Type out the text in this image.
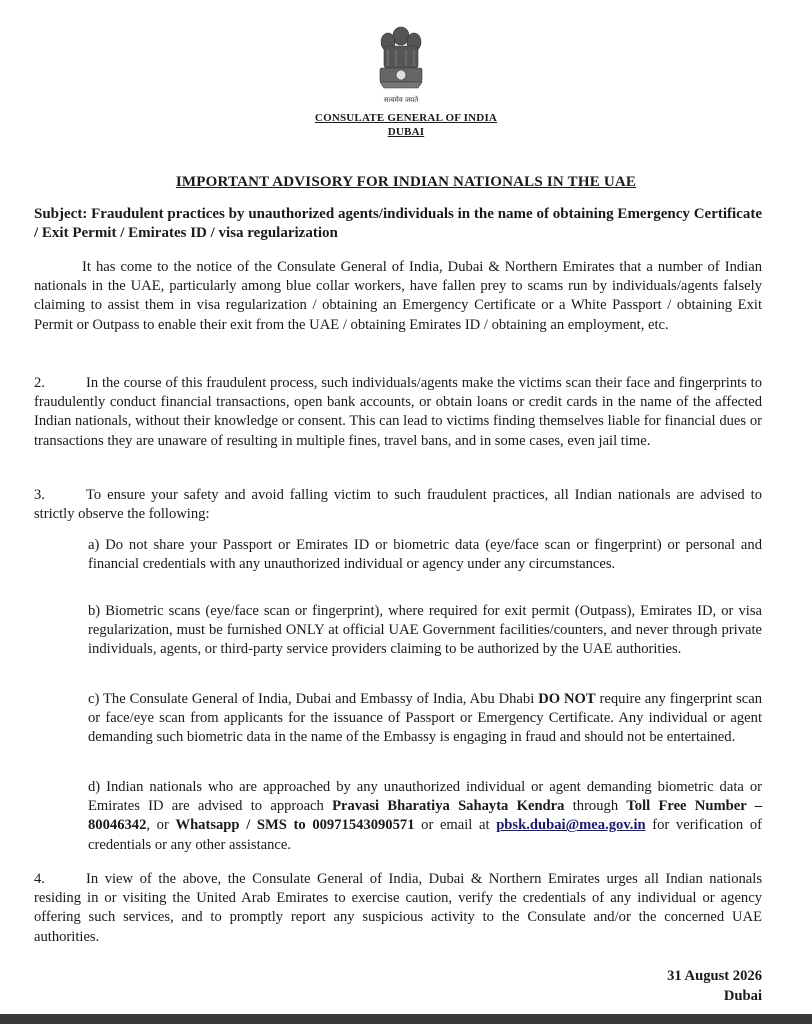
सत्यमेव जयते
CONSULATE GENERAL OF INDIA
DUBAI
IMPORTANT ADVISORY FOR INDIAN NATIONALS IN THE UAE
Subject: Fraudulent practices by unauthorized agents/individuals in the name of obtaining Emergency Certificate / Exit Permit / Emirates ID / visa regularization
It has come to the notice of the Consulate General of India, Dubai & Northern Emirates that a number of Indian nationals in the UAE, particularly among blue collar workers, have fallen prey to scams run by individuals/agents falsely claiming to assist them in visa regularization / obtaining an Emergency Certificate or a White Passport / obtaining Exit Permit or Outpass to enable their exit from the UAE / obtaining Emirates ID / obtaining an employment, etc.
2.	In the course of this fraudulent process, such individuals/agents make the victims scan their face and fingerprints to fraudulently conduct financial transactions, open bank accounts, or obtain loans or credit cards in the name of the affected Indian nationals, without their knowledge or consent. This can lead to victims finding themselves liable for financial dues or transactions they are unaware of resulting in multiple fines, travel bans, and in some cases, even jail time.
3.	To ensure your safety and avoid falling victim to such fraudulent practices, all Indian nationals are advised to strictly observe the following:
a) Do not share your Passport or Emirates ID or biometric data (eye/face scan or fingerprint) or personal and financial credentials with any unauthorized individual or agency under any circumstances.
b) Biometric scans (eye/face scan or fingerprint), where required for exit permit (Outpass), Emirates ID, or visa regularization, must be furnished ONLY at official UAE Government facilities/counters, and never through private individuals, agents, or third-party service providers claiming to be authorized by the UAE authorities.
c) The Consulate General of India, Dubai and Embassy of India, Abu Dhabi DO NOT require any fingerprint scan or face/eye scan from applicants for the issuance of Passport or Emergency Certificate. Any individual or agent demanding such biometric data in the name of the Embassy is engaging in fraud and should not be entertained.
d) Indian nationals who are approached by any unauthorized individual or agent demanding biometric data or Emirates ID are advised to approach Pravasi Bharatiya Sahayta Kendra through Toll Free Number – 80046342, or Whatsapp / SMS to 00971543090571 or email at pbsk.dubai@mea.gov.in for verification of credentials or any other assistance.
4.	In view of the above, the Consulate General of India, Dubai & Northern Emirates urges all Indian nationals residing in or visiting the United Arab Emirates to exercise caution, verify the credentials of any individual or agency offering such services, and to promptly report any suspicious activity to the Consulate and/or the concerned UAE authorities.
31 August 2026
Dubai
